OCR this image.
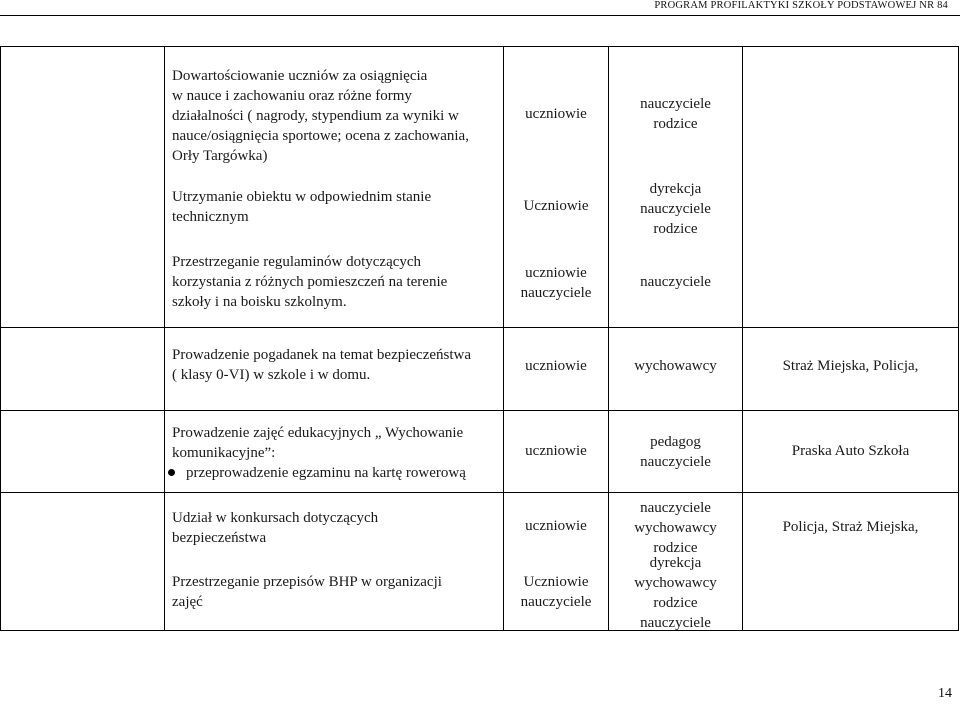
PROGRAM PROFILAKTYKI SZKOŁY PODSTAWOWEJ NR 84
Dowartościowanie uczniów za osiągnięcia
w nauce i zachowaniu oraz różne formy
działalności ( nagrody, stypendium za wyniki w
nauce/osiągnięcia sportowe; ocena z zachowania,
Orły Targówka)
uczniowie
nauczyciele
rodzice
Utrzymanie obiektu w odpowiednim stanie
technicznym
Uczniowie
dyrekcja
nauczyciele
rodzice
Przestrzeganie regulaminów dotyczących
korzystania z różnych pomieszczeń na terenie
szkoły i na boisku szkolnym.
uczniowie
nauczyciele
nauczyciele
Prowadzenie pogadanek na temat bezpieczeństwa
( klasy 0-VI) w szkole i w domu.
uczniowie	wychowawcy	Straż Miejska, Policja,
Prowadzenie zajęć edukacyjnych „ Wychowanie
komunikacyjne”:
przeprowadzenie egzaminu na kartę rowerową
uczniowie
pedagog
nauczyciele
Praska Auto Szkoła
Udział w konkursach dotyczących
bezpieczeństwa
uczniowie
nauczyciele
wychowawcy
rodzice
Policja, Straż Miejska,
Przestrzeganie przepisów BHP w organizacji
zajęć
Uczniowie
nauczyciele
dyrekcja
wychowawcy
rodzice
nauczyciele
14
